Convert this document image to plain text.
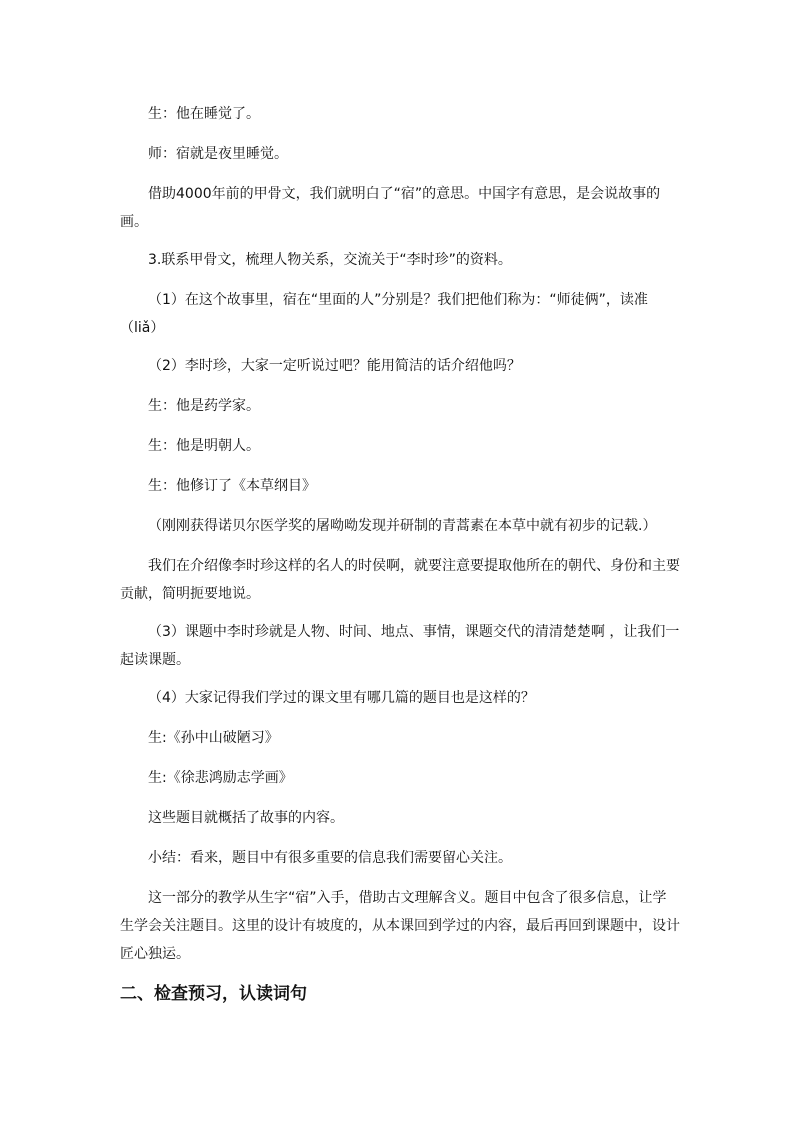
生：他在睡觉了。

师：宿就是夜里睡觉。

借助4000年前的甲骨文，我们就明白了“宿”的意思。中国字有意思，是会说故事的画。

3.联系甲骨文，梳理人物关系，交流关于“李时珍”的资料。

（1）在这个故事里，宿在“里面的人”分别是？我们把他们称为：“师徒俩”，读准（liǎ）

（2）李时珍，大家一定听说过吧？能用简洁的话介绍他吗？

生：他是药学家。

生：他是明朝人。

生：他修订了《本草纲目》

（刚刚获得诺贝尔医学奖的屠呦呦发现并研制的青蒿素在本草中就有初步的记载.）

我们在介绍像李时珍这样的名人的时侯啊，就要注意要提取他所在的朝代、身份和主要贡献，简明扼要地说。

（3）课题中李时珍就是人物、时间、地点、事情，课题交代的清清楚楚啊 ，让我们一起读课题。

（4）大家记得我们学过的课文里有哪几篇的题目也是这样的？

生:《孙中山破陋习》

生:《徐悲鸿励志学画》

这些题目就概括了故事的内容。

小结：看来，题目中有很多重要的信息我们需要留心关注。

这一部分的教学从生字“宿”入手，借助古文理解含义。题目中包含了很多信息，让学生学会关注题目。这里的设计有坡度的，从本课回到学过的内容，最后再回到课题中，设计匠心独运。

二、检查预习，认读词句
